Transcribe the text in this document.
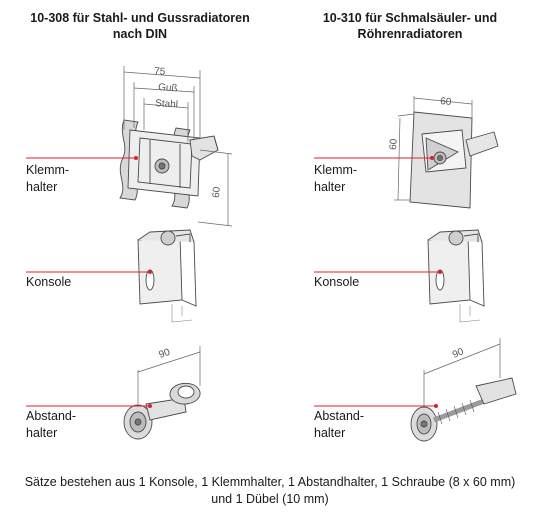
10-308 für Stahl- und Gussradiatoren
nach DIN
10-310 für Schmalsäuler- und
Röhrenradiatoren
75
Guß
Stahl
60
90
60
60
90
Klemm-
halter
Konsole
Abstand-
halter
Klemm-
halter
Konsole
Abstand-
halter
Sätze bestehen aus 1 Konsole, 1 Klemmhalter, 1 Abstandhalter, 1 Schraube (8 x 60 mm)
und 1 Dübel (10 mm)
